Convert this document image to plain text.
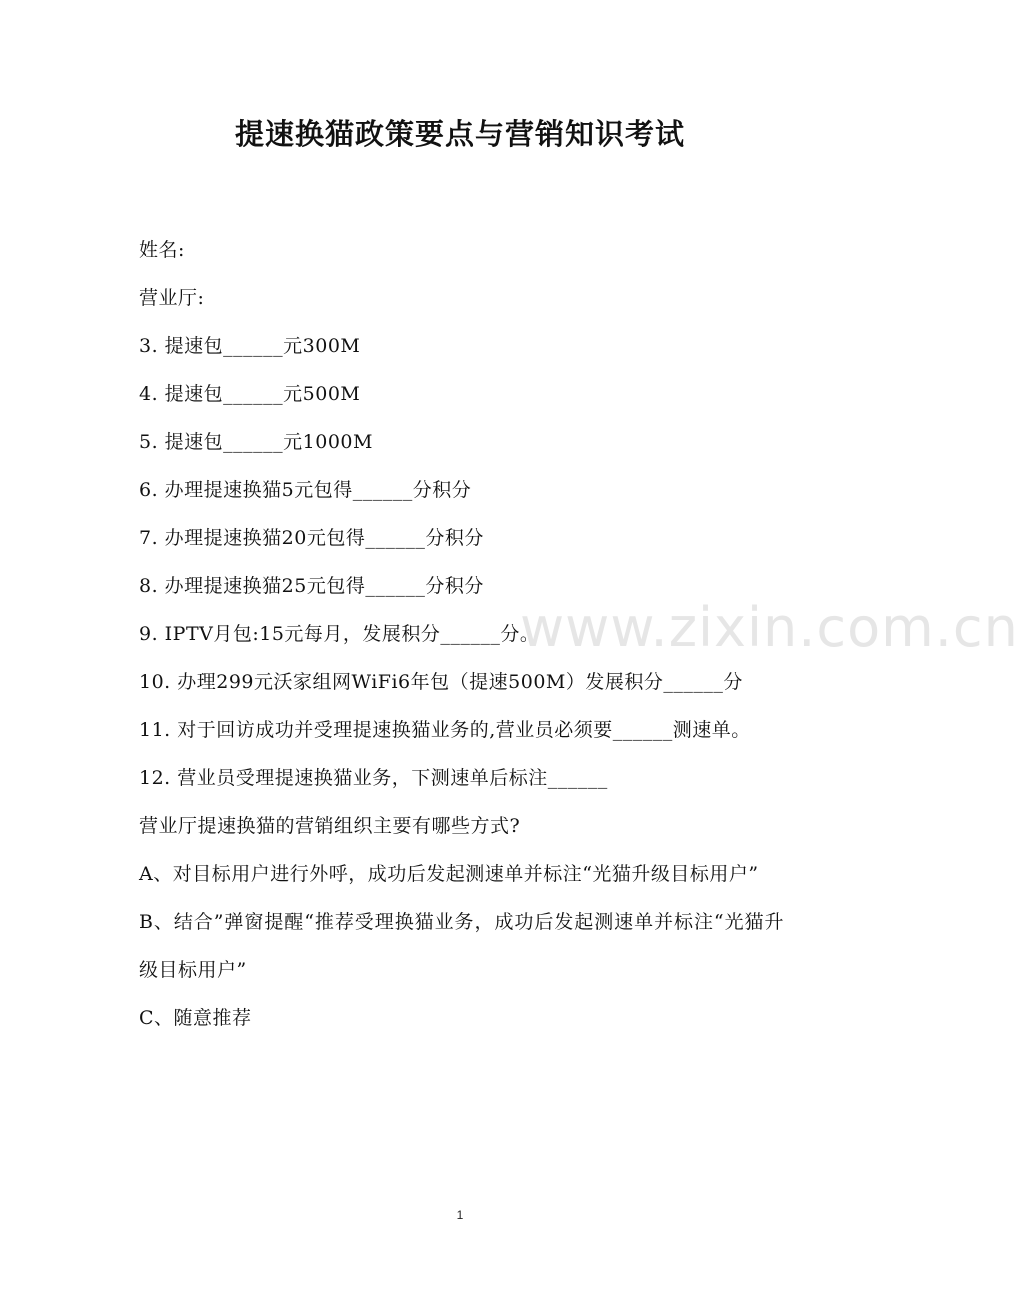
提速换猫政策要点与营销知识考试
www.zixin.com.cn
姓名:
营业厅:
3. 提速包______元300M
4. 提速包______元500M
5. 提速包______元1000M
6. 办理提速换猫5元包得______分积分
7. 办理提速换猫20元包得______分积分
8. 办理提速换猫25元包得______分积分
9. IPTV月包:15元每月，发展积分______分。
10. 办理299元沃家组网WiFi6年包（提速500M）发展积分______分
11. 对于回访成功并受理提速换猫业务的,营业员必须要______测速单。
12. 营业员受理提速换猫业务，下测速单后标注______
营业厅提速换猫的营销组织主要有哪些方式?
A、对目标用户进行外呼，成功后发起测速单并标注“光猫升级目标用户”
B、结合”弹窗提醒“推荐受理换猫业务，成功后发起测速单并标注“光猫升级目标用户”
C、随意推荐
1
